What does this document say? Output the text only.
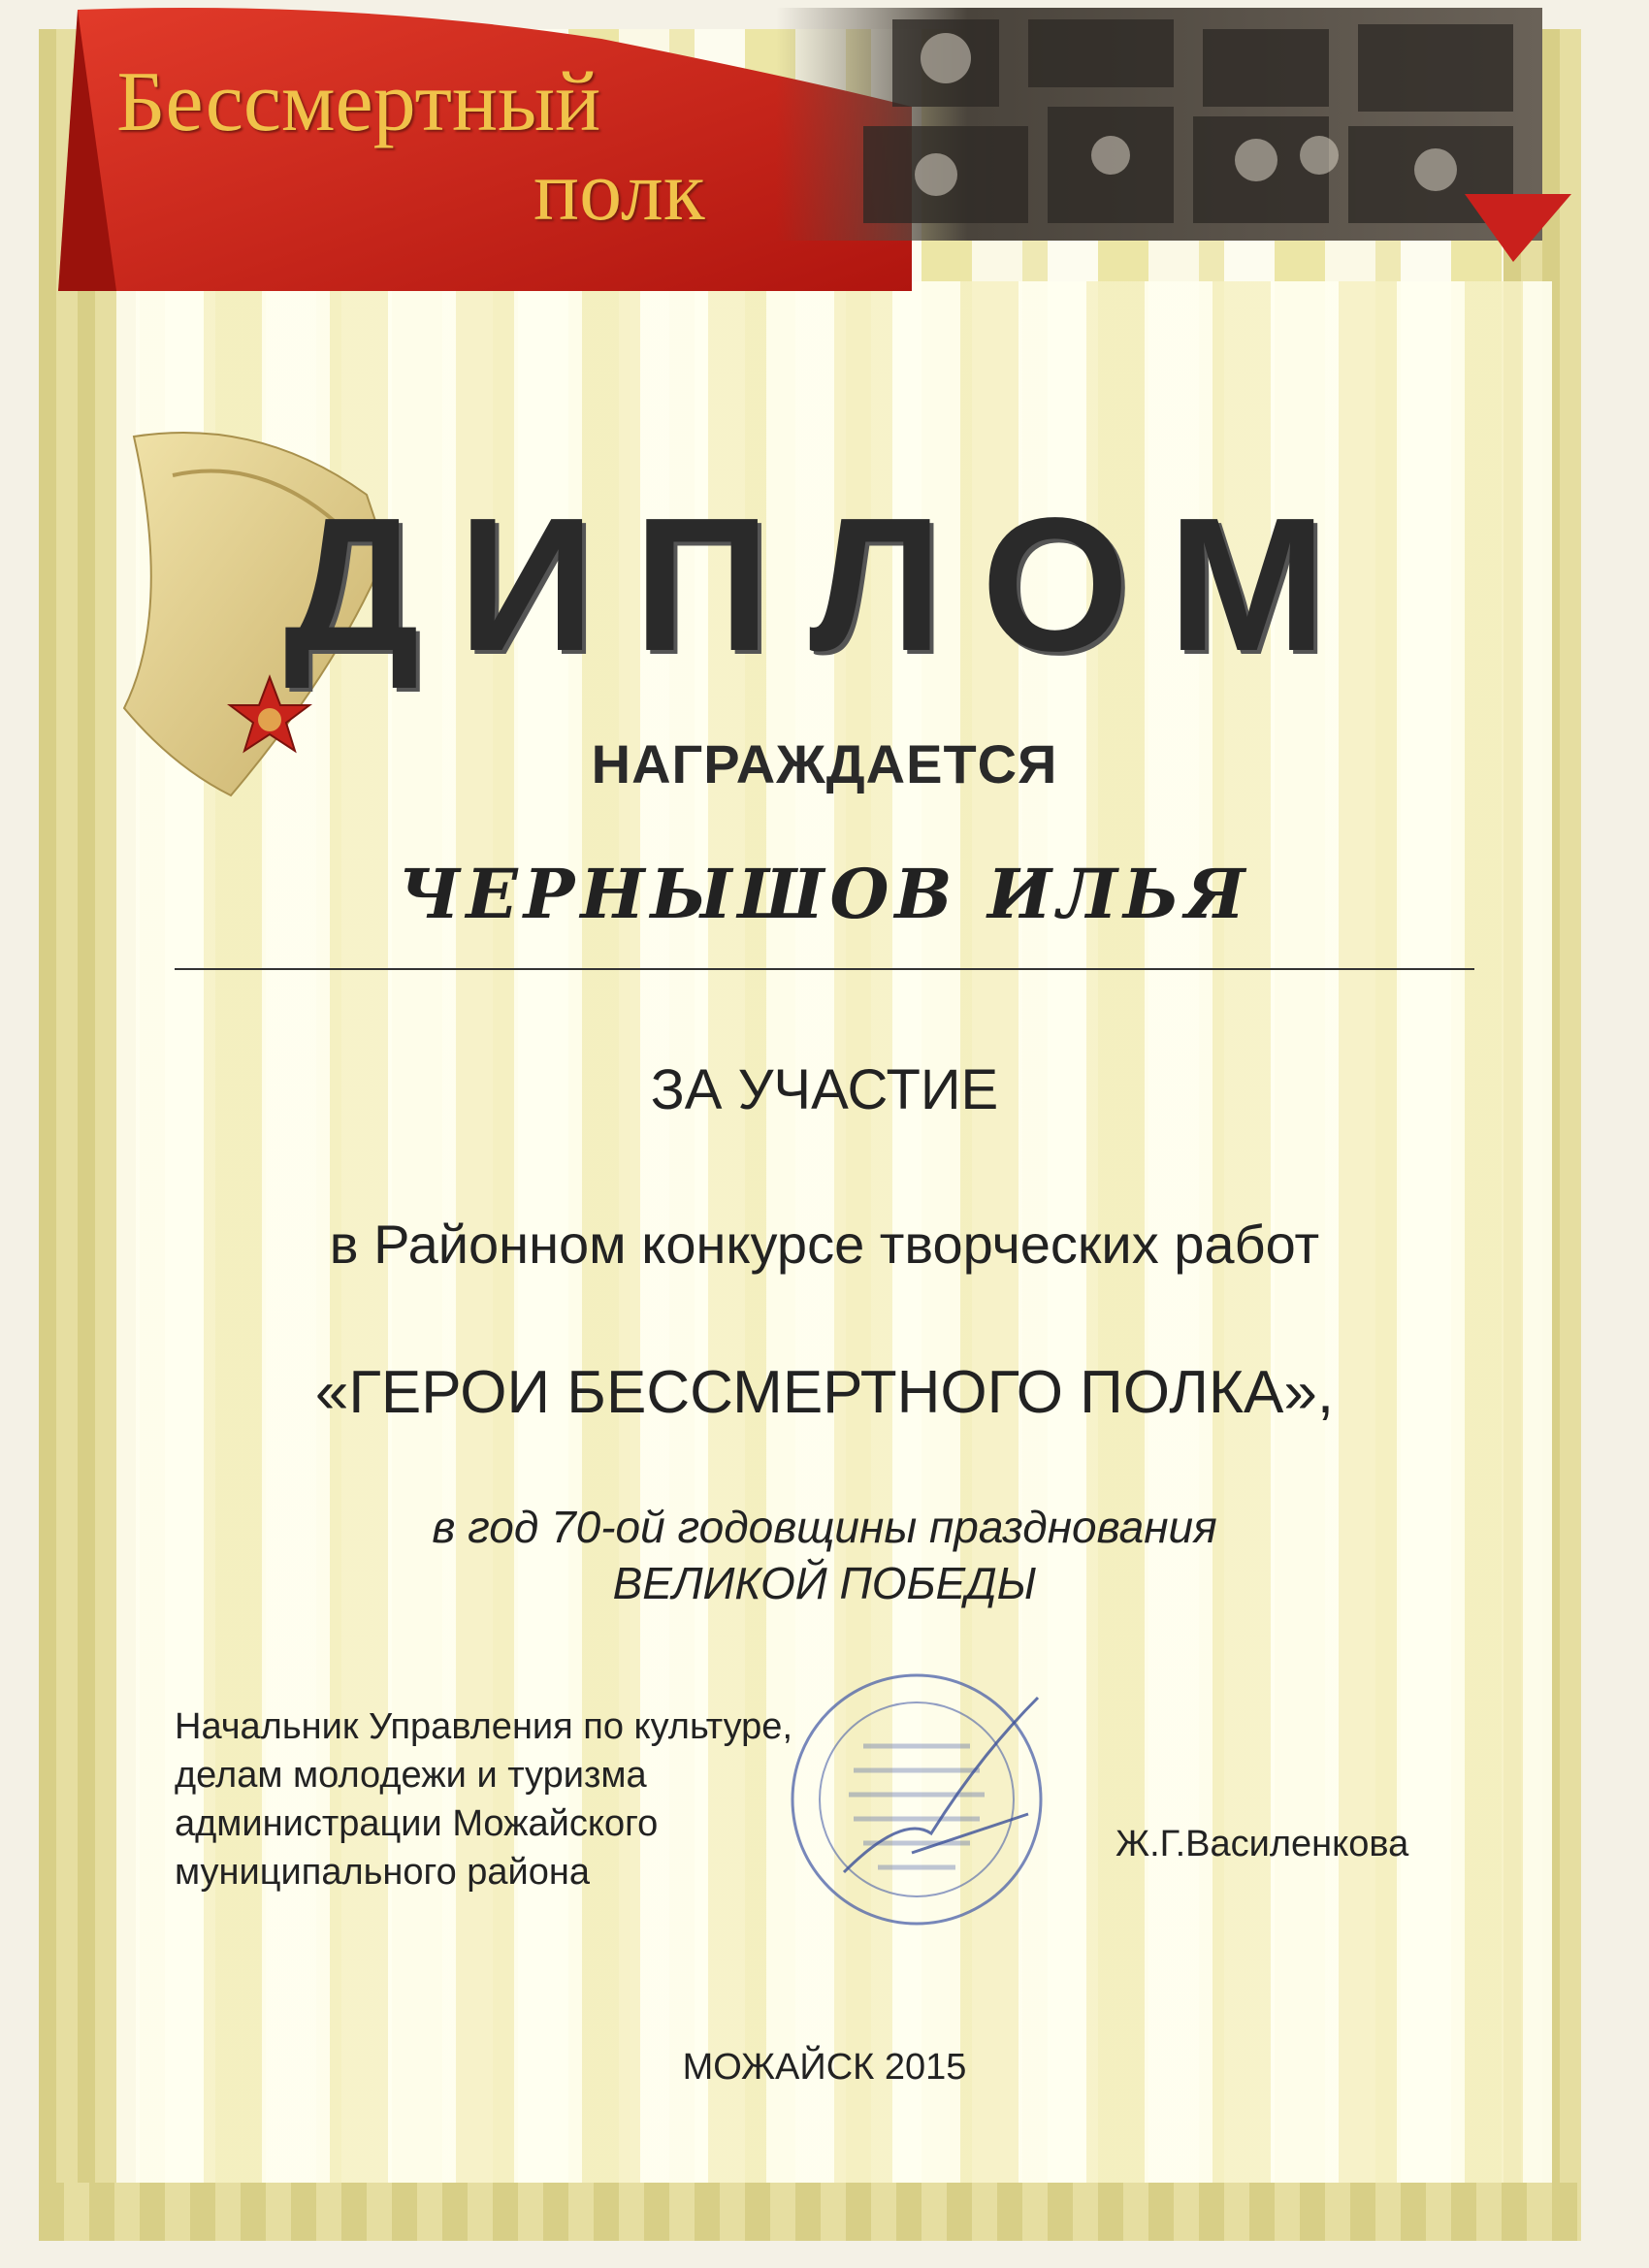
Бессмертный
полк
ДИПЛОМ
НАГРАЖДАЕТСЯ
ЧЕРНЫШОВ ИЛЬЯ
ЗА УЧАСТИЕ
в Районном конкурсе творческих работ
«ГЕРОИ БЕССМЕРТНОГО ПОЛКА»,
в год 70-ой годовщины празднования
ВЕЛИКОЙ ПОБЕДЫ
Начальник Управления по культуре,
делам молодежи и туризма
администрации Можайского
муниципального района
Ж.Г.Василенкова
МОЖАЙСК 2015
